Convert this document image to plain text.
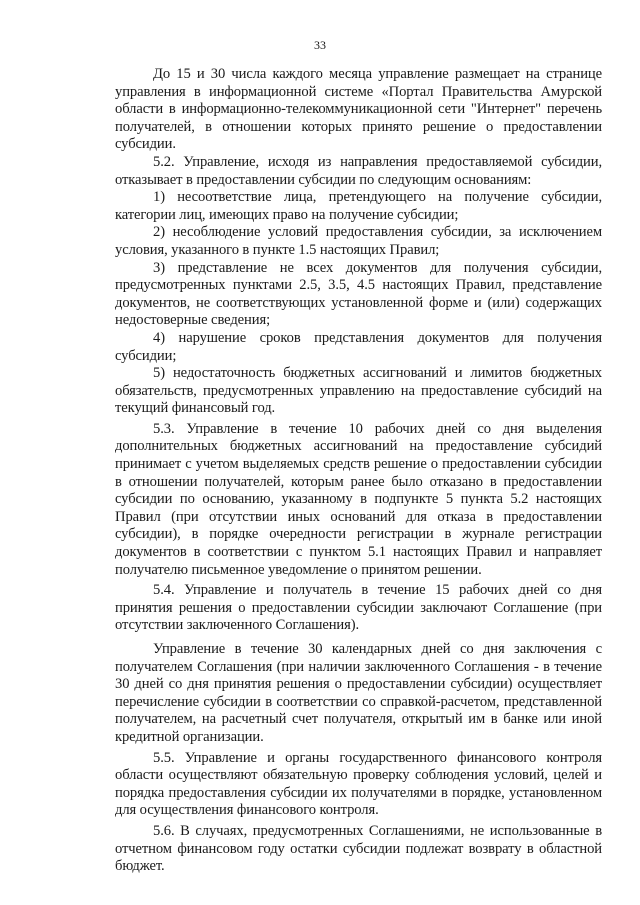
33

До 15 и 30 числа каждого месяца управление размещает на странице управления в информационной системе «Портал Правительства Амурской области в информационно-телекоммуникационной сети "Интернет" перечень получателей, в отношении которых принято решение о предоставлении субсидии.

5.2. Управление, исходя из направления предоставляемой субсидии, отказывает в предоставлении субсидии по следующим основаниям:

1) несоответствие лица, претендующего на получение субсидии, категории лиц, имеющих право на получение субсидии;

2) несоблюдение условий предоставления субсидии, за исключением условия, указанного в пункте 1.5 настоящих Правил;

3) представление не всех документов для получения субсидии, предусмотренных пунктами 2.5, 3.5, 4.5 настоящих Правил, представление документов, не соответствующих установленной форме и (или) содержащих недостоверные сведения;

4) нарушение сроков представления документов для получения субсидии;

5) недостаточность бюджетных ассигнований и лимитов бюджетных обязательств, предусмотренных управлению на предоставление субсидий на текущий финансовый год.

5.3. Управление в течение 10 рабочих дней со дня выделения дополнительных бюджетных ассигнований на предоставление субсидий принимает с учетом выделяемых средств решение о предоставлении субсидии в отношении получателей, которым ранее было отказано в предоставлении субсидии по основанию, указанному в подпункте 5 пункта 5.2 настоящих Правил (при отсутствии иных оснований для отказа в предоставлении субсидии), в порядке очередности регистрации в журнале регистрации документов в соответствии с пунктом 5.1 настоящих Правил и направляет получателю письменное уведомление о принятом решении.

5.4. Управление и получатель в течение 15 рабочих дней со дня принятия решения о предоставлении субсидии заключают Соглашение (при отсутствии заключенного Соглашения).

Управление в течение 30 календарных дней со дня заключения с получателем Соглашения (при наличии заключенного Соглашения - в течение 30 дней со дня принятия решения о предоставлении субсидии) осуществляет перечисление субсидии в соответствии со справкой-расчетом, представленной получателем, на расчетный счет получателя, открытый им в банке или иной кредитной организации.

5.5. Управление и органы государственного финансового контроля области осуществляют обязательную проверку соблюдения условий, целей и порядка предоставления субсидии их получателями в порядке, установленном для осуществления финансового контроля.

5.6. В случаях, предусмотренных Соглашениями, не использованные в отчетном финансовом году остатки субсидии подлежат возврату в областной бюджет.
